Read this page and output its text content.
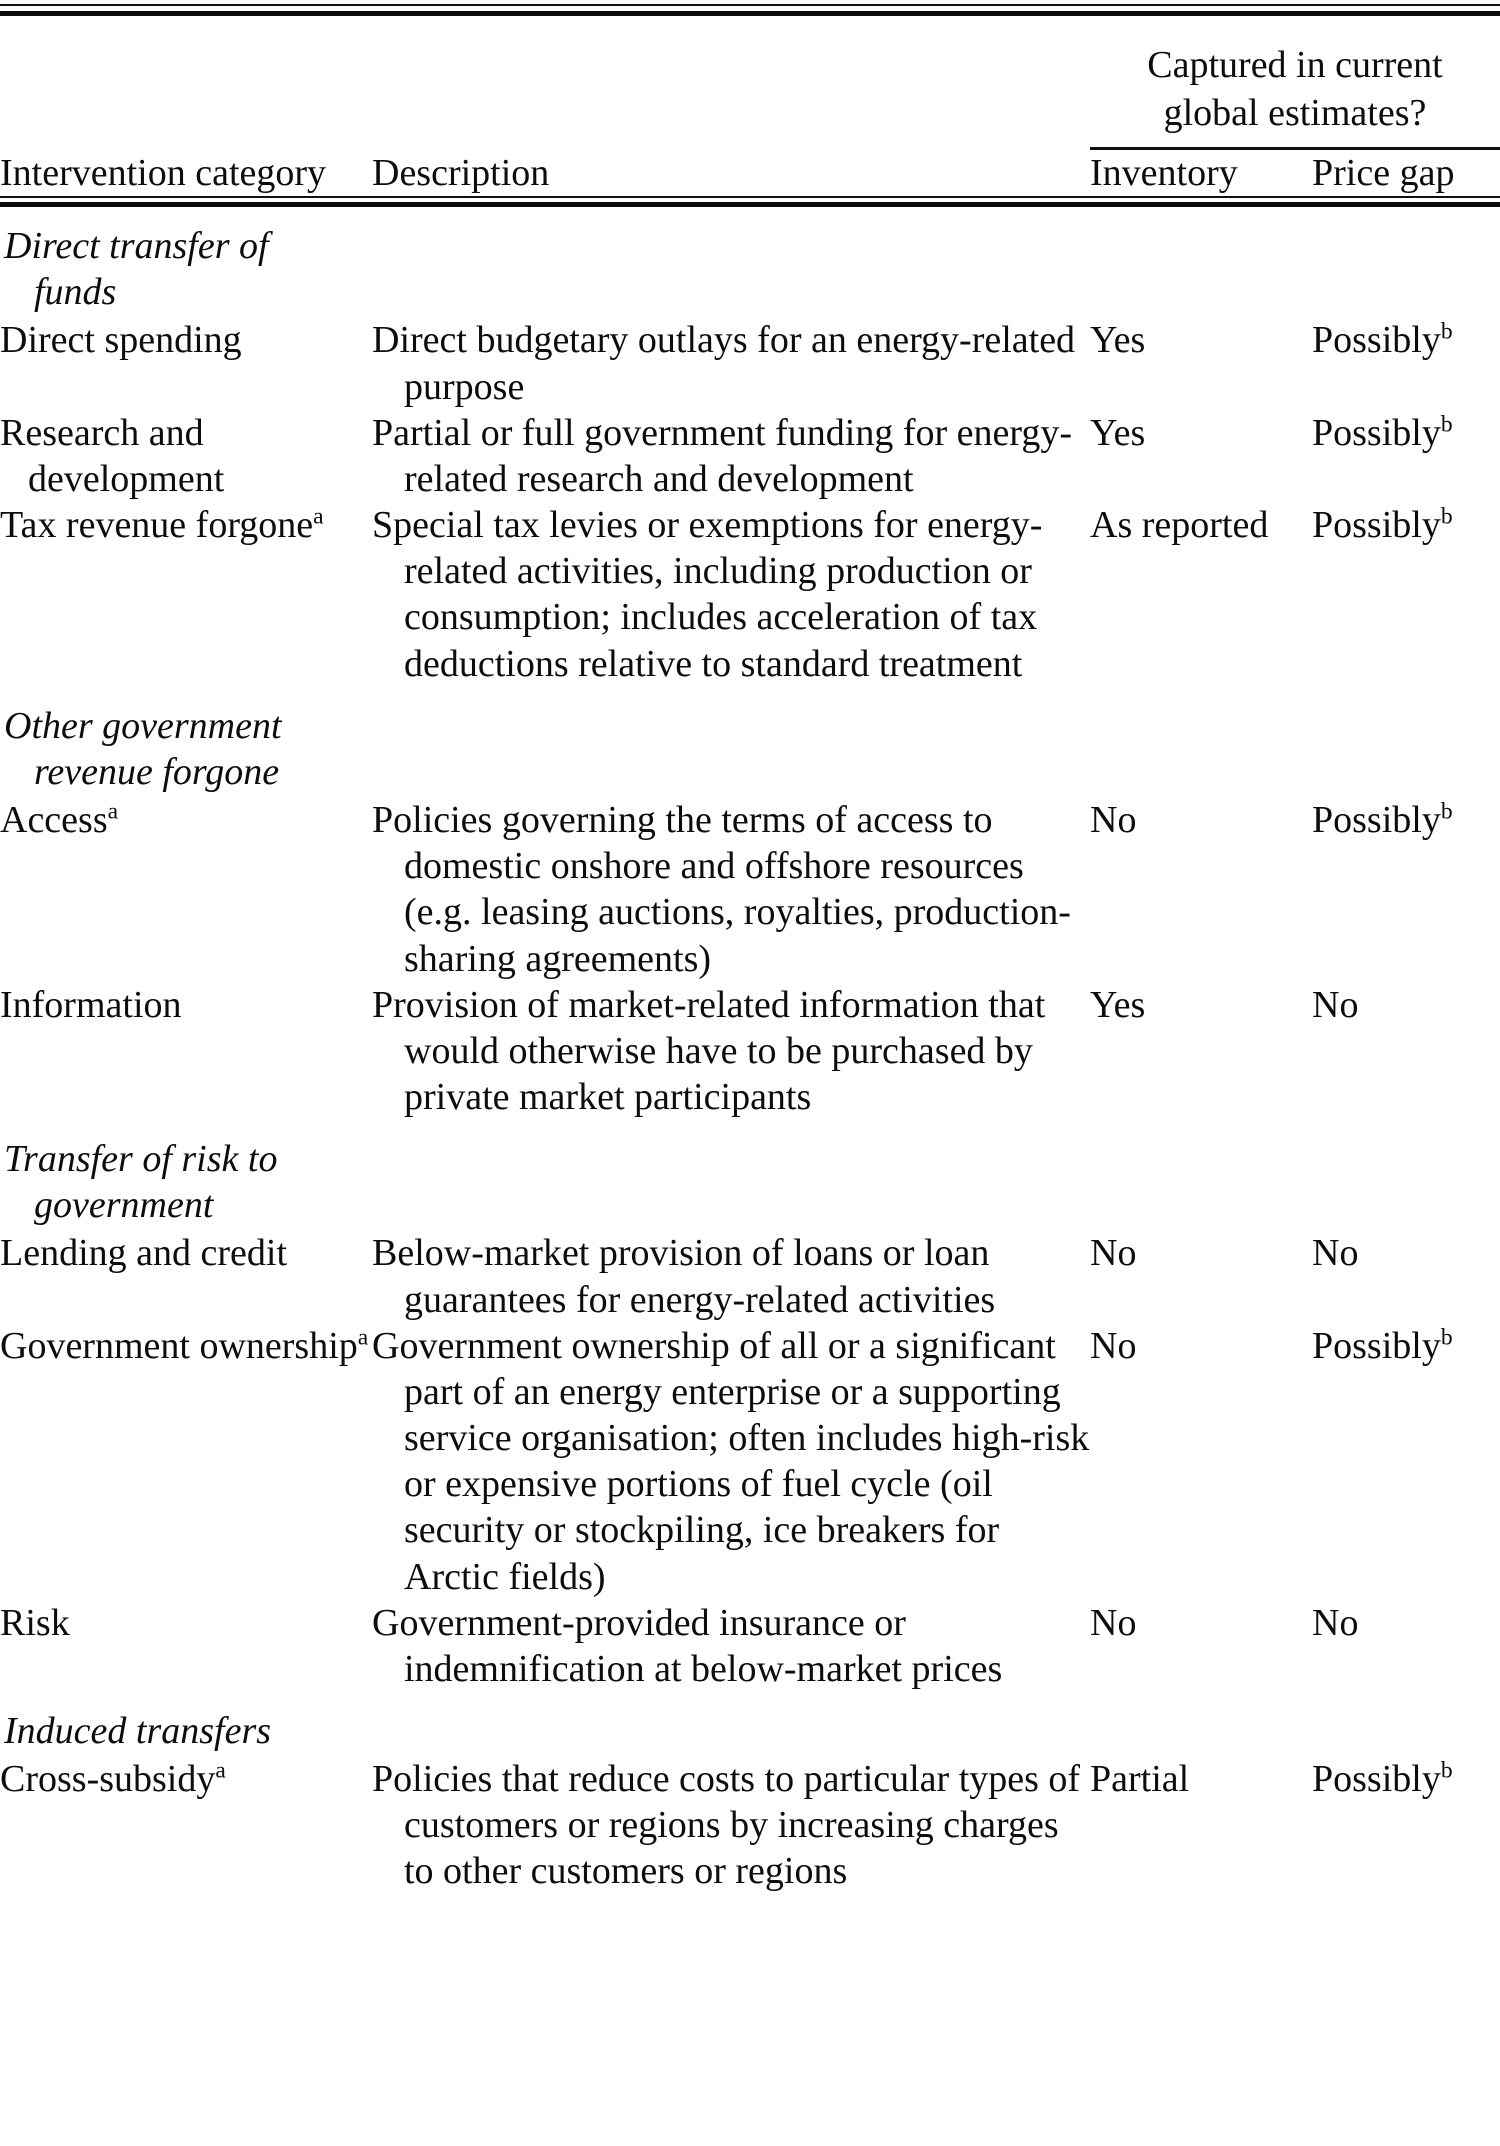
		Captured in current
global estimates?	

Intervention category	Description	Inventory	Price gap
Direct transfer of funds			

Direct spending	Direct budgetary outlays for an energy-related purpose	Yes	Possibly$^b$

Research and development	Partial or full government funding for energy-related research and development	Yes	Possibly$^b$

Tax revenue forgone$^a$	Special tax levies or exemptions for energy-related activities, including production or consumption; includes acceleration of tax deductions relative to standard treatment	As reported	Possibly$^b$

Other government revenue forgone			

Access$^a$	Policies governing the terms of access to domestic onshore and offshore resources (e.g. leasing auctions, royalties, production-sharing agreements)	No	Possibly$^b$

Information	Provision of market-related information that would otherwise have to be purchased by private market participants	Yes	No

Transfer of risk to government			

Lending and credit	Below-market provision of loans or loan guarantees for energy-related activities	No	No

Government ownership$^a$	Government ownership of all or a significant part of an energy enterprise or a supporting service organisation; often includes high-risk or expensive portions of fuel cycle (oil security or stockpiling, ice breakers for Arctic fields)	No	Possibly$^b$

Risk	Government-provided insurance or indemnification at below-market prices	No	No

Induced transfers			

Cross-subsidy$^a$	Policies that reduce costs to particular types of customers or regions by increasing charges to other customers or regions	Partial	Possibly$^b$
